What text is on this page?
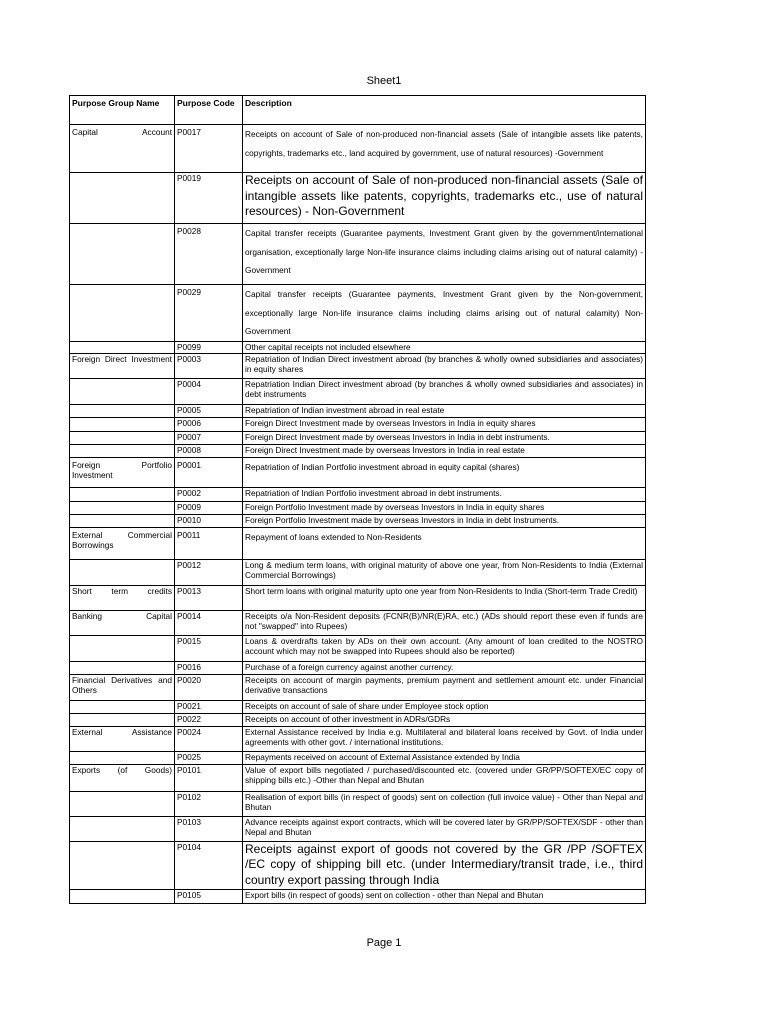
Sheet1
Purpose Group Name	Purpose Code	Description
Capital Account	P0017	Receipts on account of Sale of non-produced non-financial assets (Sale of intangible assets like patents, copyrights, trademarks etc., land acquired by government, use of natural resources) -Government
	P0019	Receipts on account of Sale of non-produced non-financial assets (Sale of intangible assets like patents, copyrights, trademarks etc., use of natural resources) - Non-Government
	P0028	Capital transfer receipts (Guarantee payments, Investment Grant given by the government/international organisation, exceptionally large Non-life insurance claims including claims arising out of natural calamity) - Government
	P0029	Capital transfer receipts (Guarantee payments, Investment Grant given by the Non-government, exceptionally large Non-life insurance claims including claims arising out of natural calamity) Non-Government
	P0099	Other capital receipts not included elsewhere
Foreign Direct Investment	P0003	Repatriation of Indian Direct investment abroad (by branches & wholly owned subsidiaries and associates) in equity shares
	P0004	Repatriation Indian Direct investment abroad (by branches & wholly owned subsidiaries and associates) in debt instruments
	P0005	Repatriation of Indian investment abroad in real estate
	P0006	Foreign Direct Investment made by overseas Investors in India in equity shares
	P0007	Foreign Direct Investment made by overseas Investors in India in debt instruments.
	P0008	Foreign Direct Investment made by overseas Investors in India in real estate
Foreign Portfolio Investment	P0001	Repatriation of Indian Portfolio investment abroad in equity capital (shares)
	P0002	Repatriation of Indian Portfolio investment abroad in debt instruments.
	P0009	Foreign Portfolio Investment made by overseas Investors in India in equity shares
	P0010	Foreign Portfolio Investment made by overseas Investors in India in debt Instruments.
External Commercial Borrowings	P0011	Repayment of loans extended to Non-Residents
	P0012	Long & medium term loans, with original maturity of above one year, from Non-Residents to India (External Commercial Borrowings)
Short term credits	P0013	Short term loans with original maturity upto one year from Non-Residents to India (Short-term Trade Credit)
Banking Capital	P0014	Receipts o/a Non-Resident deposits (FCNR(B)/NR(E)RA, etc.) (ADs should report these even if funds are not "swapped" into Rupees)
	P0015	Loans & overdrafts taken by ADs on their own account. (Any amount of loan credited to the NOSTRO account which may not be swapped into Rupees should also be reported)
	P0016	Purchase of a foreign currency against another currency.
Financial Derivatives and Others	P0020	Receipts on account of margin payments, premium payment and settlement amount etc. under Financial derivative transactions
	P0021	Receipts on account of sale of share under Employee stock option
	P0022	Receipts on account of other investment in ADRs/GDRs
External Assistance	P0024	External Assistance received by India e.g. Multilateral and bilateral loans received by Govt. of India under agreements with other govt. / international institutions.
	P0025	Repayments received on account of External Assistance extended by India
Exports (of Goods)	P0101	Value of export bills negotiated / purchased/discounted etc. (covered under GR/PP/SOFTEX/EC copy of shipping bills etc.) -Other than Nepal and Bhutan
	P0102	Realisation of export bills (in respect of goods) sent on collection (full invoice value) - Other than Nepal and Bhutan
	P0103	Advance receipts against export contracts, which will be covered later by GR/PP/SOFTEX/SDF - other than Nepal and Bhutan
	P0104	Receipts against export of goods not covered by the GR /PP /SOFTEX /EC copy of shipping bill etc. (under Intermediary/transit trade, i.e., third country export passing through India
	P0105	Export bills (in respect of goods) sent on collection - other than Nepal and Bhutan
Page 1
